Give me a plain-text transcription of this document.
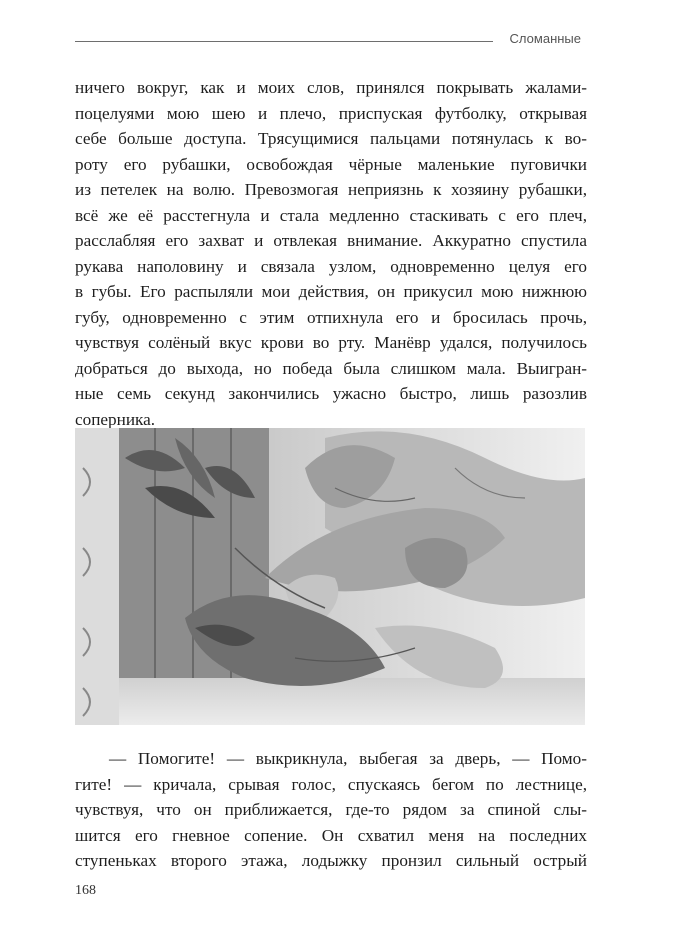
Сломанные
ничего вокруг, как и моих слов, принялся покрывать жалами-
поцелуями мою шею и плечо, приспуская футболку, открывая
себе больше доступа. Трясущимися пальцами потянулась к во-
роту его рубашки, освобождая чёрные маленькие пуговички
из петелек на волю. Превозмогая неприязнь к хозяину рубашки,
всё же её расстегнула и стала медленно стаскивать с его плеч,
расслабляя его захват и отвлекая внимание. Аккуратно спустила
рукава наполовину и связала узлом, одновременно целуя его
в губы. Его распыляли мои действия, он прикусил мою нижнюю
губу, одновременно с этим отпихнула его и бросилась прочь,
чувствуя солёный вкус крови во рту. Манёвр удался, получилось
добраться до выхода, но победа была слишком мала. Выигран-
ные семь секунд закончились ужасно быстро, лишь разозлив
соперника.
— Помогите! — выкрикнула, выбегая за дверь, — Помо-
гите! — кричала, срывая голос, спускаясь бегом по лестнице,
чувствуя, что он приближается, где-то рядом за спиной слы-
шится его гневное сопение. Он схватил меня на последних
ступеньках второго этажа, лодыжку пронзил сильный острый
168
